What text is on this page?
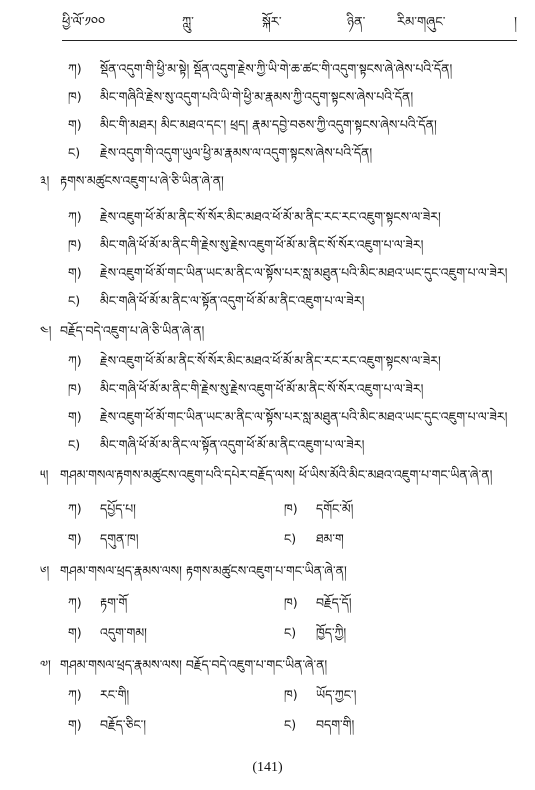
ཕྱི་ལོ་༡༠༠	ཀླུ་	སྐོར་	ཉིན་ རིམ་གཞུང་	།
ཀ) སྡོན་འདུག་གི་ཕྱི་མ་སྟེ། སྡོན་འདུག་རྗེས་ཀྱི་ཡི་གེ་ཆ་ཚང་གི་འདུག་སྟངས་ཞེ་ཞེས་པའི་དོན།
ཁ) མིང་གཞིའི་རྗེས་སུ་འདུག་པའི་ཡི་གེ་ཕྱི་མ་རྣམས་ཀྱི་འདུག་སྟངས་ཞེས་པའི་དོན།
ག) མིང་གི་མཐར། མིང་མཐའ་དང་། ཕྲད། རྣམ་དབྱེ་བཅས་ཀྱི་འདུག་སྟངས་ཞེས་པའི་དོན།
ང) རྗེས་འདུག་གི་འདུག་ཡུལ་ཕྱི་མ་རྣམས་ལ་འདུག་སྟངས་ཞེས་པའི་དོན།
༣། རྟགས་མཚུངས་འཇུག་པ་ཞེ་ཅི་ཡིན་ཞེ་ན།
ཀ) རྗེས་འཇུག་ཕོ་མོ་མ་ནིང་སོ་སོར་མིང་མཐའ་ཕོ་མོ་མ་ནིང་རང་རང་འཇུག་སྟངས་ལ་ཟེར།
ཁ) མིང་གཞི་ཕོ་མོ་མ་ནིང་གི་རྗེས་སུ་རྗེས་འཇུག་ཕོ་མོ་མ་ནིང་སོ་སོར་འཇུག་པ་ལ་ཟེར།
ག) རྗེས་འཇུག་ཕོ་མོ་གང་ཡིན་ཡང་མ་ནིང་ལ་སྟོས་པར་སླ་མཐུན་པའི་མིང་མཐའ་ཡང་དུང་འཇུག་པ་ལ་ཟེར།
ང) མིང་གཞི་ཕོ་མོ་མ་ནིང་ལ་སྟོན་འདུག་ཕོ་མོ་མ་ནིང་འཇུག་པ་ལ་ཟེར།
༤། བརྗོད་བདེ་འཇུག་པ་ཞེ་ཅི་ཡིན་ཞེ་ན།
ཀ) རྗེས་འཇུག་ཕོ་མོ་མ་ནིང་སོ་སོར་མིང་མཐའ་ཕོ་མོ་མ་ནིང་རང་རང་འཇུག་སྟངས་ལ་ཟེར།
ཁ) མིང་གཞི་ཕོ་མོ་མ་ནིང་གི་རྗེས་སུ་རྗེས་འཇུག་ཕོ་མོ་མ་ནིང་སོ་སོར་འཇུག་པ་ལ་ཟེར།
ག) རྗེས་འཇུག་ཕོ་མོ་གང་ཡིན་ཡང་མ་ནིང་ལ་སྟོས་པར་སླ་མཐུན་པའི་མིང་མཐའ་ཡང་དུང་འཇུག་པ་ལ་ཟེར།
ང) མིང་གཞི་ཕོ་མོ་མ་ནིང་ལ་སྟོན་འདུག་ཕོ་མོ་མ་ནིང་འཇུག་པ་ལ་ཟེར།
༥། གཤམ་གསལ་རྟགས་མཚུངས་འཇུག་པའི་དཔེར་བརྗོད་ལས། ཕོ་ཡིས་མོའི་མིང་མཐའ་འཇུག་པ་གང་ཡིན་ཞེ་ན།
ཀ) དཔྱོད་པ།	ཁ) དགོང་མོ།
ག) དགུན་ཁ།	ང) ཐམ་ག
༦། གཤམ་གསལ་ཕྲད་རྣམས་ལས། རྟགས་མཚུངས་འཇུག་པ་གང་ཡིན་ཞེ་ན།
ཀ) རྟག་གོ	ཁ) བརྗོད་དོ།
ག) འདུག་གམ།	ང) ཁྱོད་ཀྱི།
༧། གཤམ་གསལ་ཕྲད་རྣམས་ལས། བརྗོད་བདེ་འཇུག་པ་གང་ཡིན་ཞེ་ན།
ཀ) རང་གི།	ཁ) ཡོད་ཀྱང་།
ག) བརྗོད་ཅིང་།	ང) བདག་གི།
(141)
